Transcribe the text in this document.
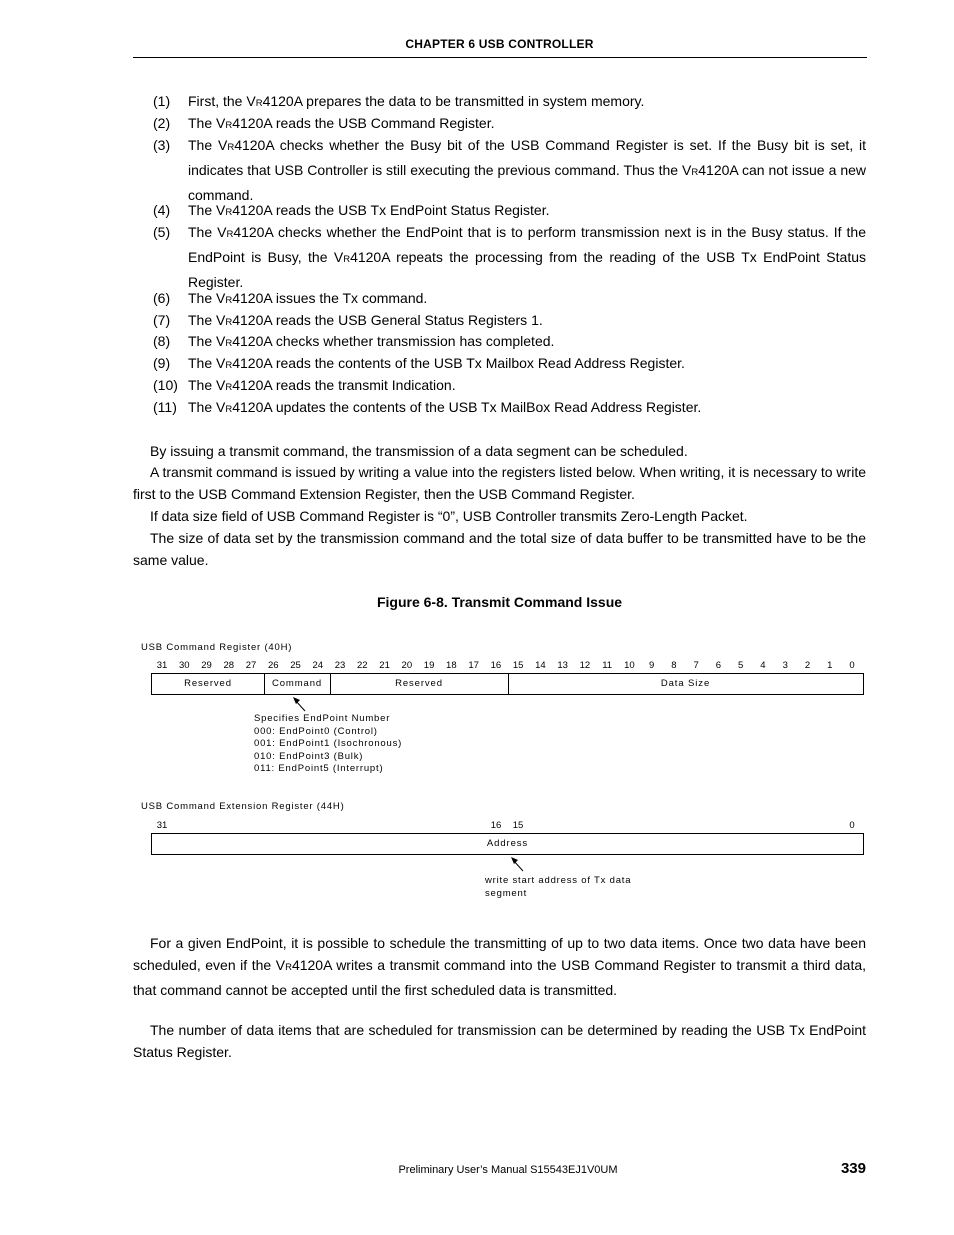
CHAPTER 6 USB CONTROLLER
(1) First, the VR4120A prepares the data to be transmitted in system memory.
(2) The VR4120A reads the USB Command Register.
(3) The VR4120A checks whether the Busy bit of the USB Command Register is set. If the Busy bit is set, it indicates that USB Controller is still executing the previous command. Thus the VR4120A can not issue a new command.
(4) The VR4120A reads the USB Tx EndPoint Status Register.
(5) The VR4120A checks whether the EndPoint that is to perform transmission next is in the Busy status. If the EndPoint is Busy, the VR4120A repeats the processing from the reading of the USB Tx EndPoint Status Register.
(6) The VR4120A issues the Tx command.
(7) The VR4120A reads the USB General Status Registers 1.
(8) The VR4120A checks whether transmission has completed.
(9) The VR4120A reads the contents of the USB Tx Mailbox Read Address Register.
(10) The VR4120A reads the transmit Indication.
(11) The VR4120A updates the contents of the USB Tx MailBox Read Address Register.
By issuing a transmit command, the transmission of a data segment can be scheduled.
A transmit command is issued by writing a value into the registers listed below. When writing, it is necessary to write first to the USB Command Extension Register, then the USB Command Register.
If data size field of USB Command Register is “0”, USB Controller transmits Zero-Length Packet.
The size of data set by the transmission command and the total size of data buffer to be transmitted have to be the same value.
Figure 6-8. Transmit Command Issue
USB Command Register (40H)
31 30 29 28 27 26 25 24 23 22 21 20 19 18 17 16 15 14 13 12 11 10 9 8 7 6 5 4 3 2 1 0
Reserved	Command	Reserved	Data Size
Specifies EndPoint Number
000: EndPoint0 (Control)
001: EndPoint1 (Isochronous)
010: EndPoint3 (Bulk)
011: EndPoint5 (Interrupt)
USB Command Extension Register (44H)
31	16 15	0
Address
write start address of Tx data
segment
For a given EndPoint, it is possible to schedule the transmitting of up to two data items. Once two data have been scheduled, even if the VR4120A writes a transmit command into the USB Command Register to transmit a third data, that command cannot be accepted until the first scheduled data is transmitted.
The number of data items that are scheduled for transmission can be determined by reading the USB Tx EndPoint Status Register.
Preliminary User’s Manual S15543EJ1V0UM	339
